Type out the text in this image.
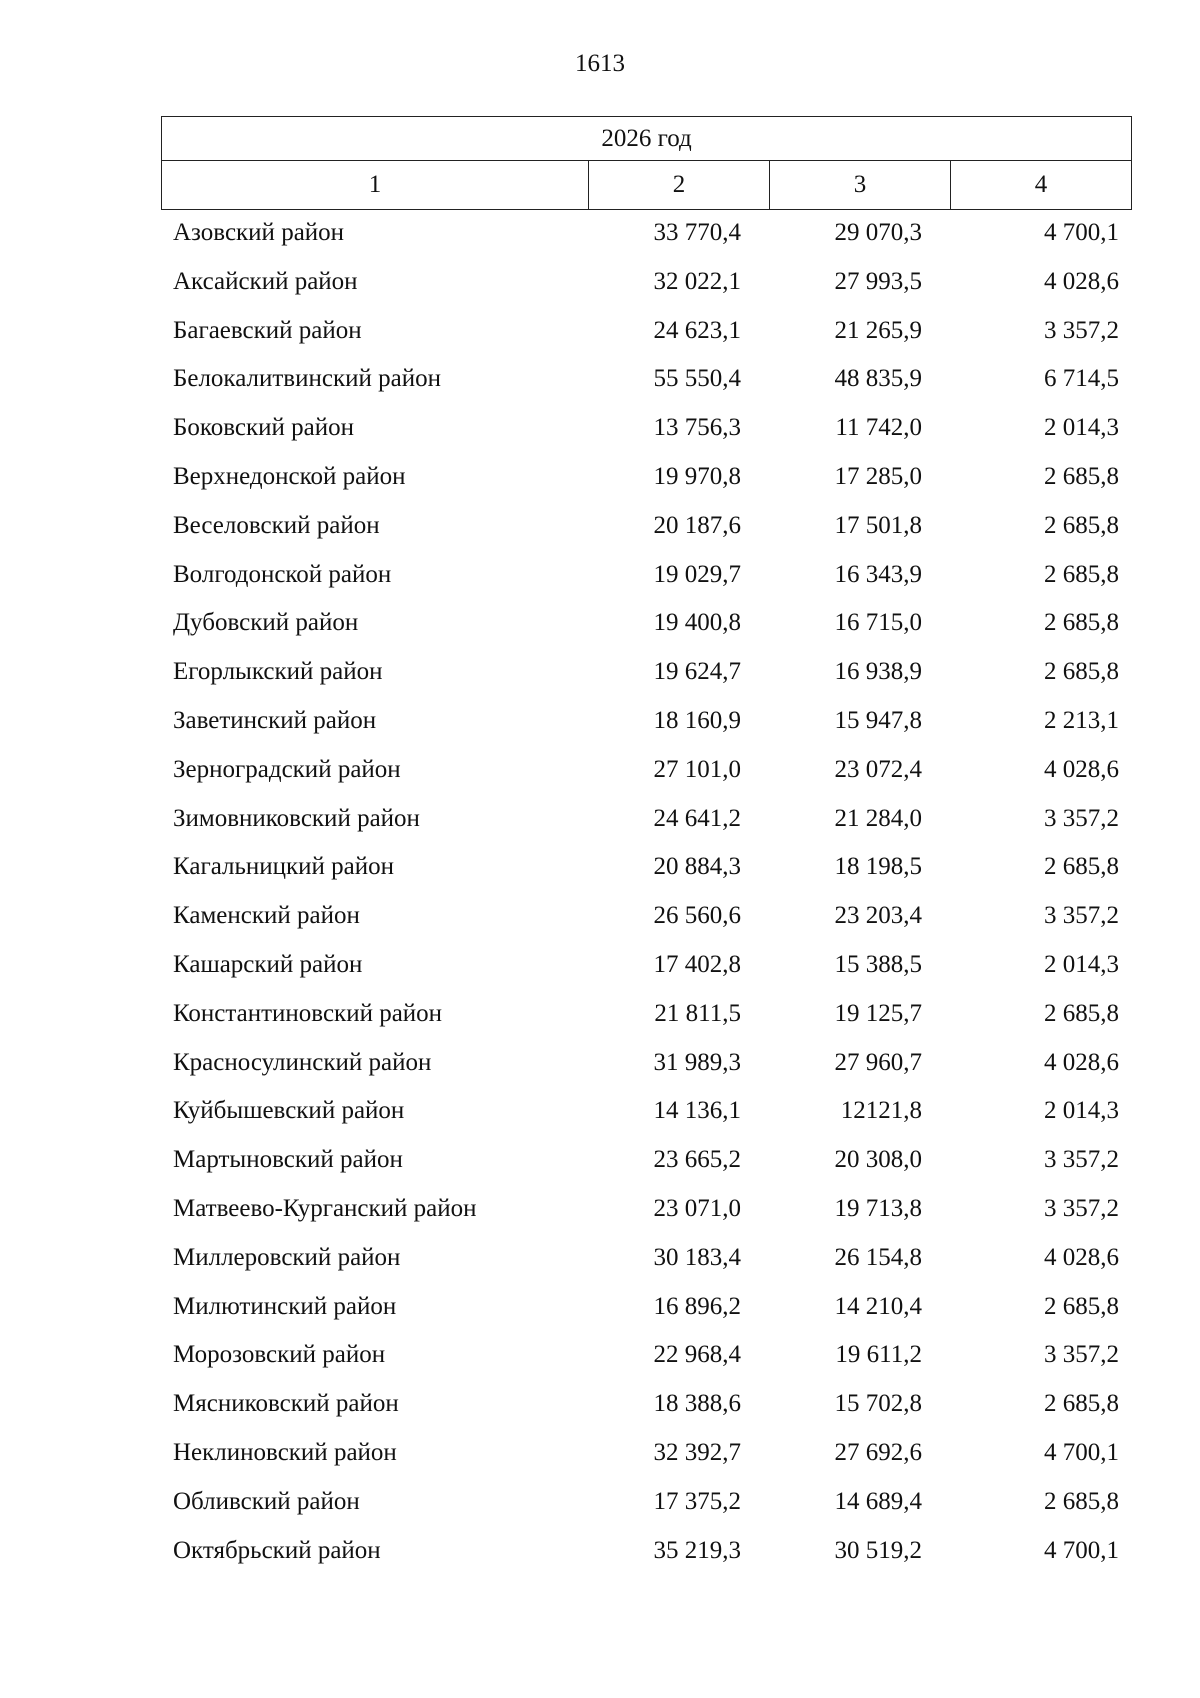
1613
2026 год
1	2	3	4
Азовский район	33 770,4	29 070,3	4 700,1
Аксайский район	32 022,1	27 993,5	4 028,6
Багаевский район	24 623,1	21 265,9	3 357,2
Белокалитвинский район	55 550,4	48 835,9	6 714,5
Боковский район	13 756,3	11 742,0	2 014,3
Верхнедонской район	19 970,8	17 285,0	2 685,8
Веселовский район	20 187,6	17 501,8	2 685,8
Волгодонской район	19 029,7	16 343,9	2 685,8
Дубовский район	19 400,8	16 715,0	2 685,8
Егорлыкский район	19 624,7	16 938,9	2 685,8
Заветинский район	18 160,9	15 947,8	2 213,1
Зерноградский район	27 101,0	23 072,4	4 028,6
Зимовниковский район	24 641,2	21 284,0	3 357,2
Кагальницкий район	20 884,3	18 198,5	2 685,8
Каменский район	26 560,6	23 203,4	3 357,2
Кашарский район	17 402,8	15 388,5	2 014,3
Константиновский район	21 811,5	19 125,7	2 685,8
Красносулинский район	31 989,3	27 960,7	4 028,6
Куйбышевский район	14 136,1	12121,8	2 014,3
Мартыновский район	23 665,2	20 308,0	3 357,2
Матвеево-Курганский район	23 071,0	19 713,8	3 357,2
Миллеровский район	30 183,4	26 154,8	4 028,6
Милютинский район	16 896,2	14 210,4	2 685,8
Морозовский район	22 968,4	19 611,2	3 357,2
Мясниковский район	18 388,6	15 702,8	2 685,8
Неклиновский район	32 392,7	27 692,6	4 700,1
Обливский район	17 375,2	14 689,4	2 685,8
Октябрьский район	35 219,3	30 519,2	4 700,1
